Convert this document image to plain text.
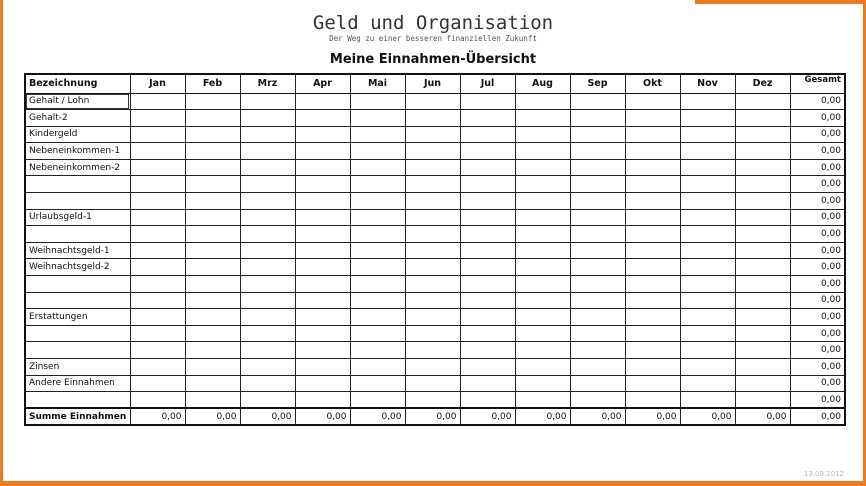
Geld und Organisation
Der Weg zu einer besseren finanziellen Zukunft
Meine Einnahmen-Übersicht
Bezeichnung	Jan	Feb	Mrz	Apr	Mai	Jun	Jul	Aug	Sep	Okt	Nov	Dez	Gesamt
Gehalt / Lohn													0,00
Gehalt-2													0,00
Kindergeld													0,00
Nebeneinkommen-1													0,00
Nebeneinkommen-2													0,00
													0,00
													0,00
Urlaubsgeld-1													0,00
													0,00
Weihnachtsgeld-1													0,00
Weihnachtsgeld-2													0,00
													0,00
													0,00
Erstattungen													0,00
													0,00
													0,00
Zinsen													0,00
Andere Einnahmen													0,00
													0,00
Summe Einnahmen	0,00	0,00	0,00	0,00	0,00	0,00	0,00	0,00	0,00	0,00	0,00	0,00	0,00
13.09.2012
